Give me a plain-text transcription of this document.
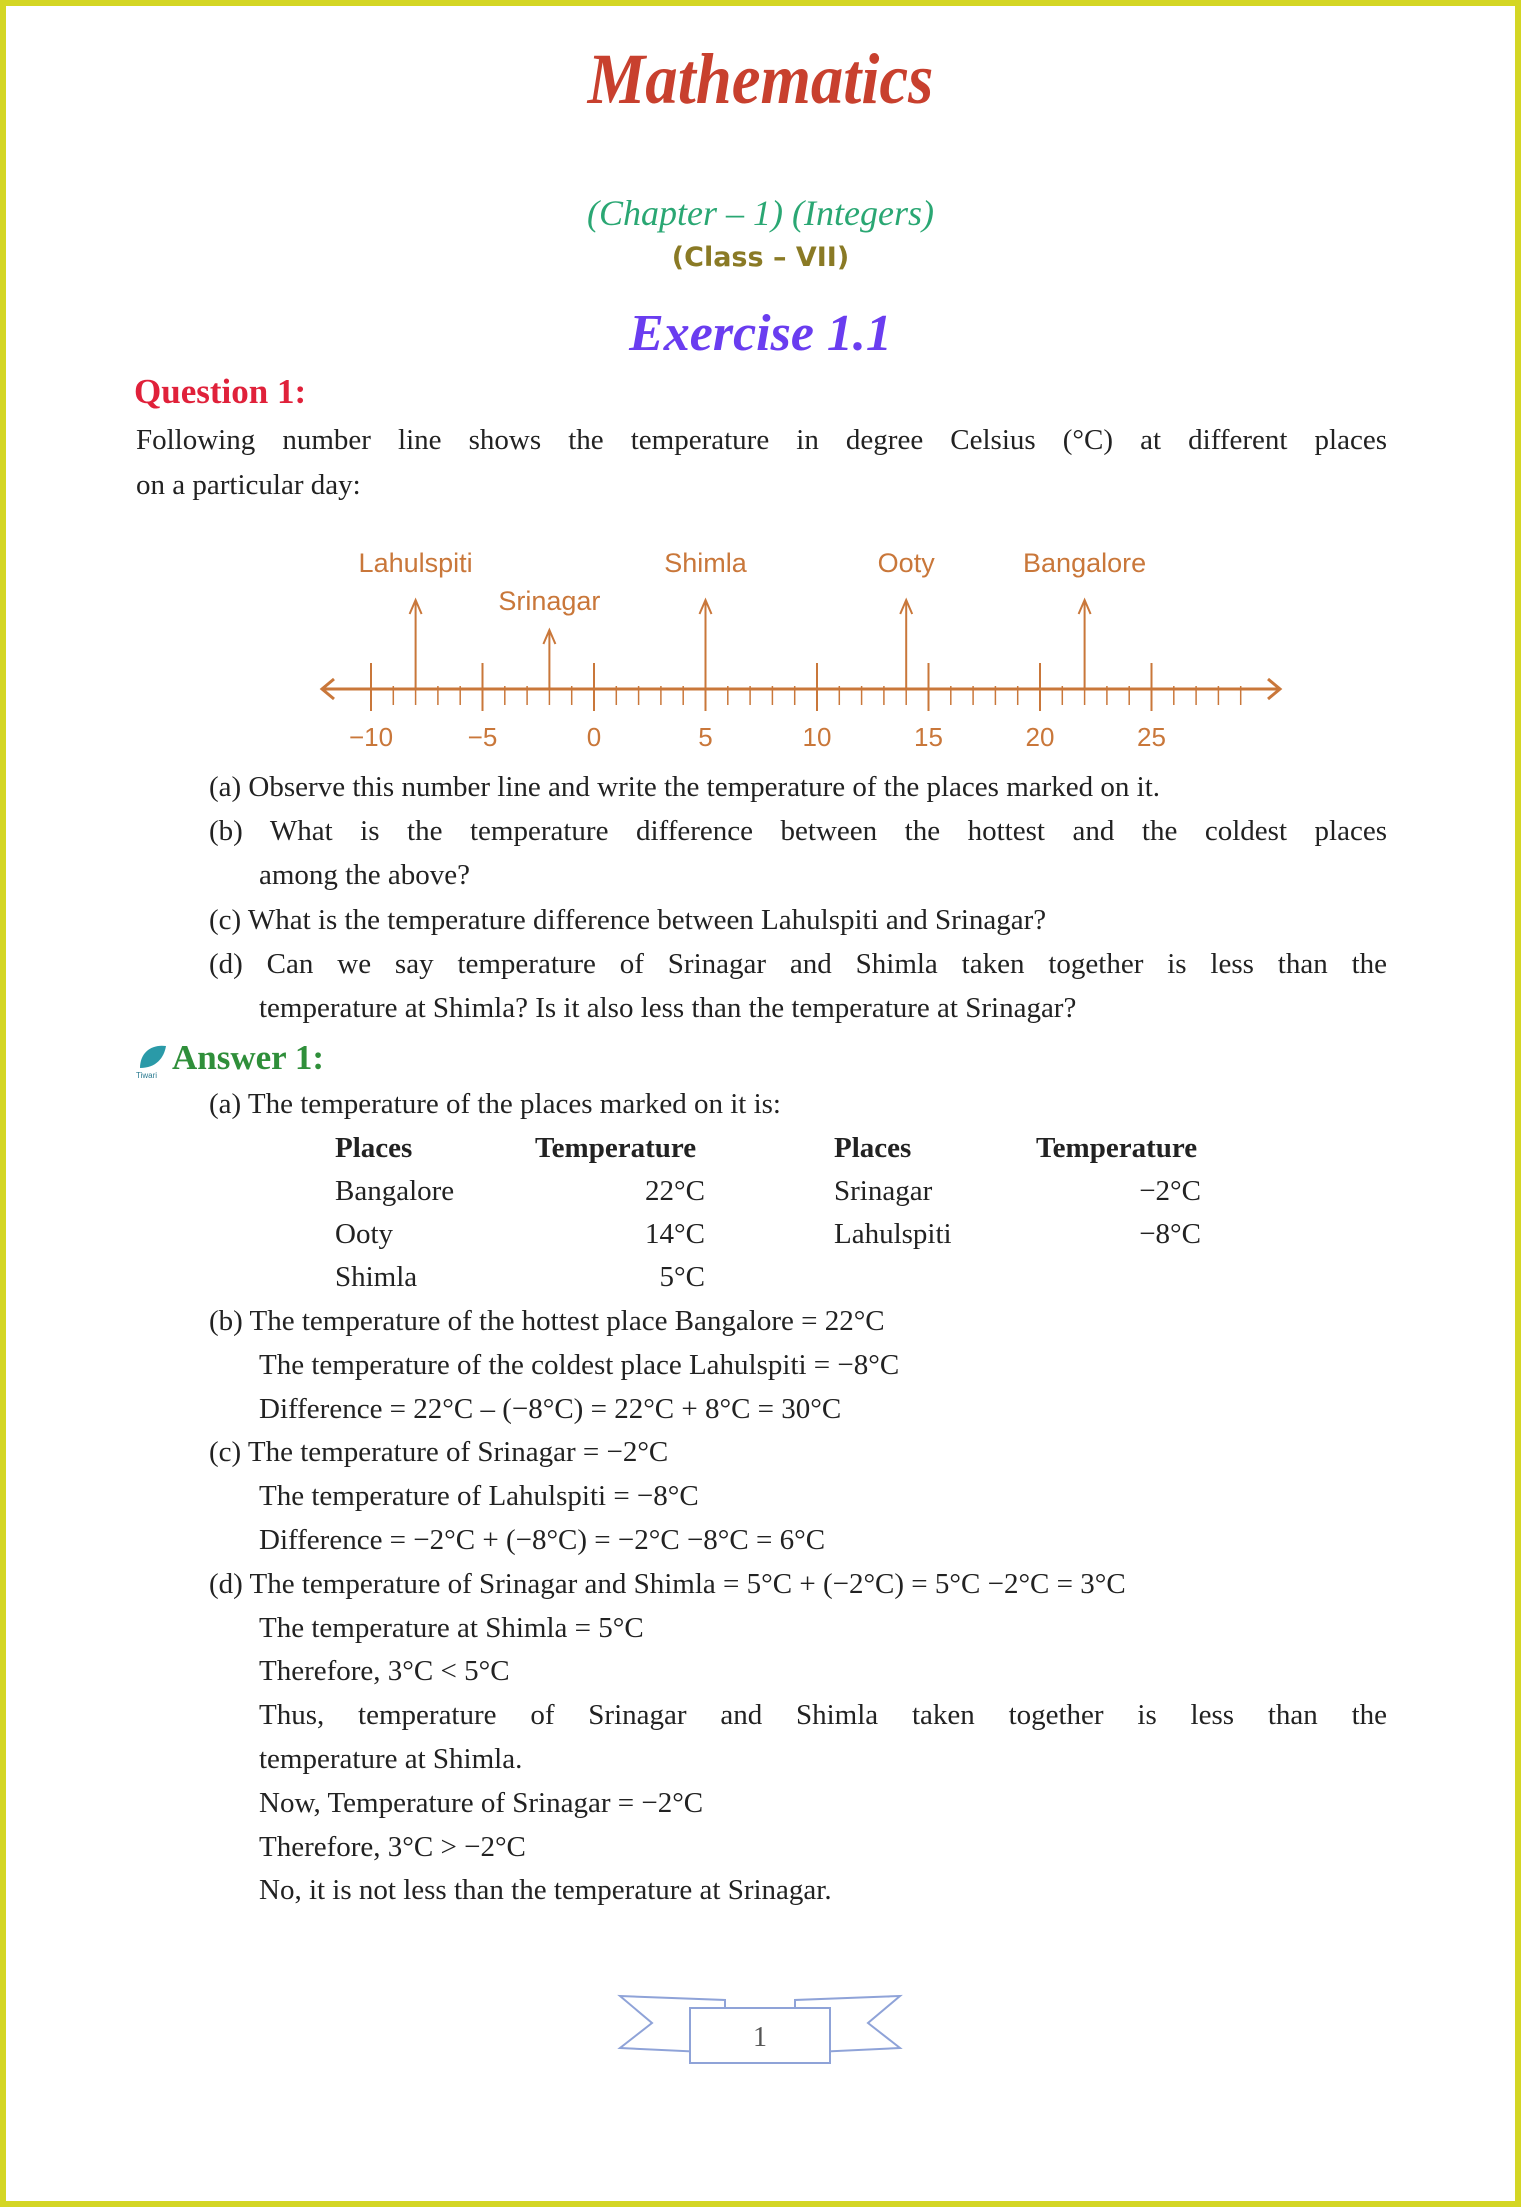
Mathematics
(Chapter – 1) (Integers)
(Class – VII)
Exercise 1.1
Question 1:
Following number line shows the temperature in degree Celsius (°C) at different places
on a particular day:
−10	−5	0	5	10	15	20	25
Lahulspiti
Srinagar
Shimla	Ooty	Bangalore
(a) Observe this number line and write the temperature of the places marked on it.
(b) What is the temperature difference between the hottest and the coldest places
among the above?
(c) What is the temperature difference between Lahulspiti and Srinagar?
(d) Can we say temperature of Srinagar and Shimla taken together is less than the
temperature at Shimla? Is it also less than the temperature at Srinagar?
Tiwari Answer 1:
(a) The temperature of the places marked on it is:
Places	Temperature	Places	Temperature
Bangalore	22°C	Srinagar	−2°C
Ooty	14°C	Lahulspiti	−8°C
Shimla	5°C
(b) The temperature of the hottest place Bangalore = 22°C
The temperature of the coldest place Lahulspiti = −8°C
Difference = 22°C – (−8°C) = 22°C + 8°C = 30°C
(c) The temperature of Srinagar = −2°C
The temperature of Lahulspiti = −8°C
Difference = −2°C + (−8°C) = −2°C −8°C = 6°C
(d) The temperature of Srinagar and Shimla = 5°C + (−2°C) = 5°C −2°C = 3°C
The temperature at Shimla = 5°C
Therefore, 3°C < 5°C
Thus, temperature of Srinagar and Shimla taken together is less than the
temperature at Shimla.
Now, Temperature of Srinagar = −2°C
Therefore, 3°C > −2°C
No, it is not less than the temperature at Srinagar.
1
